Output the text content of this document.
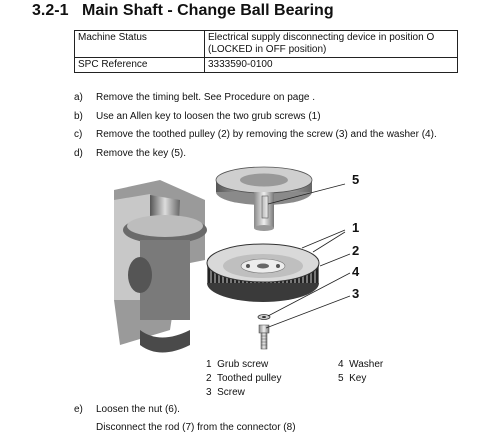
3.2-1 Main Shaft - Change Ball Bearing
Machine Status	Electrical supply disconnecting device in position O (LOCKED in OFF position)
SPC Reference	3333590-0100
a)	Remove the timing belt. See Procedure on page .
b)	Use an Allen key to loosen the two grub screws (1)
c)	Remove the toothed pulley (2) by removing the screw (3) and the washer (4).
d)	Remove the key (5).
5
1
2
4
3
1 Grub screw
2 Toothed pulley
3 Screw
4 Washer
5 Key
e) Loosen the nut (6).
Disconnect the rod (7) from the connector (8)
